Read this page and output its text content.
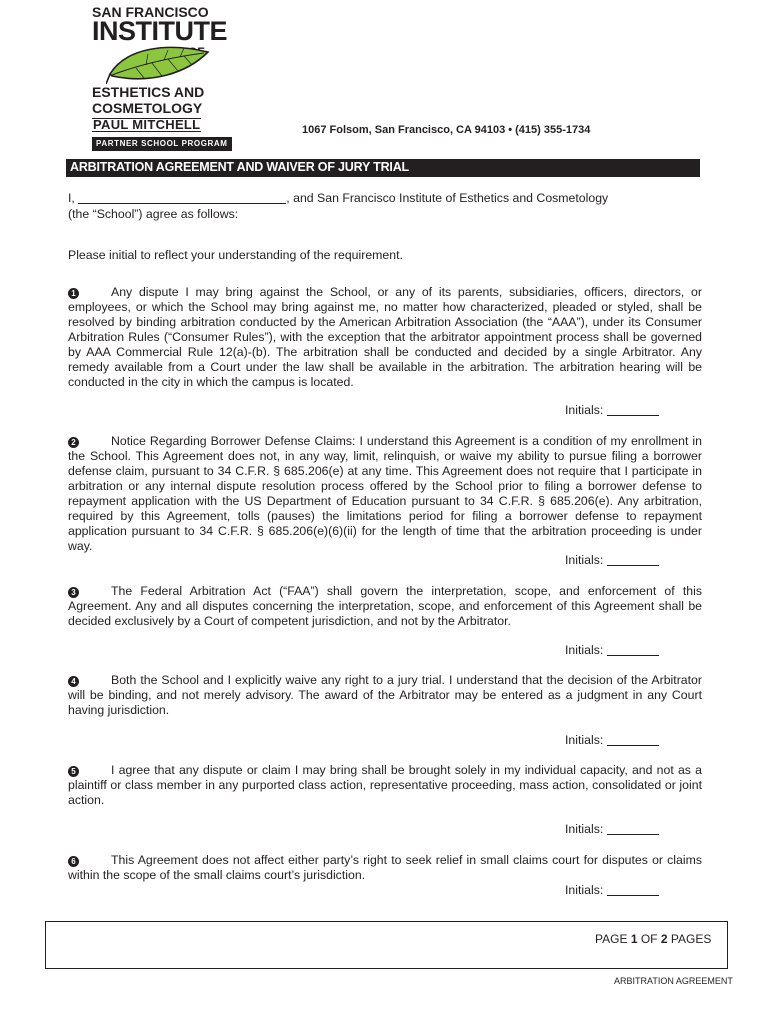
SAN FRANCISCO
INSTITUTE
ESTHETICS AND
COSMETOLOGY
PAUL MITCHELL
PARTNER SCHOOL PROGRAM
1067 Folsom, San Francisco, CA 94103 • (415) 355-1734
ARBITRATION AGREEMENT AND WAIVER OF JURY TRIAL
I,	, and San Francisco Institute of Esthetics and Cosmetology
(the “School”) agree as follows:
Please initial to reflect your understanding of the requirement.
1	Any dispute I may bring against the School, or any of its parents, subsidiaries, officers, directors, or employees, or which the School may bring against me, no matter how characterized, pleaded or styled, shall be resolved by binding arbitration conducted by the American Arbitration Association (the “AAA”), under its Consumer Arbitration Rules (“Consumer Rules”), with the exception that the arbitrator appointment process shall be governed by AAA Commercial Rule 12(a)-(b). The arbitration shall be conducted and decided by a single Arbitrator. Any remedy available from a Court under the law shall be available in the arbitration. The arbitration hearing will be conducted in the city in which the campus is located.
Initials:
2	Notice Regarding Borrower Defense Claims: I understand this Agreement is a condition of my enrollment in the School. This Agreement does not, in any way, limit, relinquish, or waive my ability to pursue filing a borrower defense claim, pursuant to 34 C.F.R. § 685.206(e) at any time. This Agreement does not require that I participate in arbitration or any internal dispute resolution process offered by the School prior to filing a borrower defense to repayment application with the US Department of Education pursuant to 34 C.F.R. § 685.206(e). Any arbitration, required by this Agreement, tolls (pauses) the limitations period for filing a borrower defense to repayment application pursuant to 34 C.F.R. § 685.206(e)(6)(ii) for the length of time that the arbitration proceeding is under way.
Initials:
3	The Federal Arbitration Act (“FAA”) shall govern the interpretation, scope, and enforcement of this Agreement. Any and all disputes concerning the interpretation, scope, and enforcement of this Agreement shall be decided exclusively by a Court of competent jurisdiction, and not by the Arbitrator.
Initials:
4	Both the School and I explicitly waive any right to a jury trial. I understand that the decision of the Arbitrator will be binding, and not merely advisory. The award of the Arbitrator may be entered as a judgment in any Court having jurisdiction.
Initials:
5	I agree that any dispute or claim I may bring shall be brought solely in my individual capacity, and not as a plaintiff or class member in any purported class action, representative proceeding, mass action, consolidated or joint action.
Initials:
6	This Agreement does not affect either party’s right to seek relief in small claims court for disputes or claims within the scope of the small claims court’s jurisdiction.
Initials:
PAGE 1 OF 2 PAGES
ARBITRATION AGREEMENT
